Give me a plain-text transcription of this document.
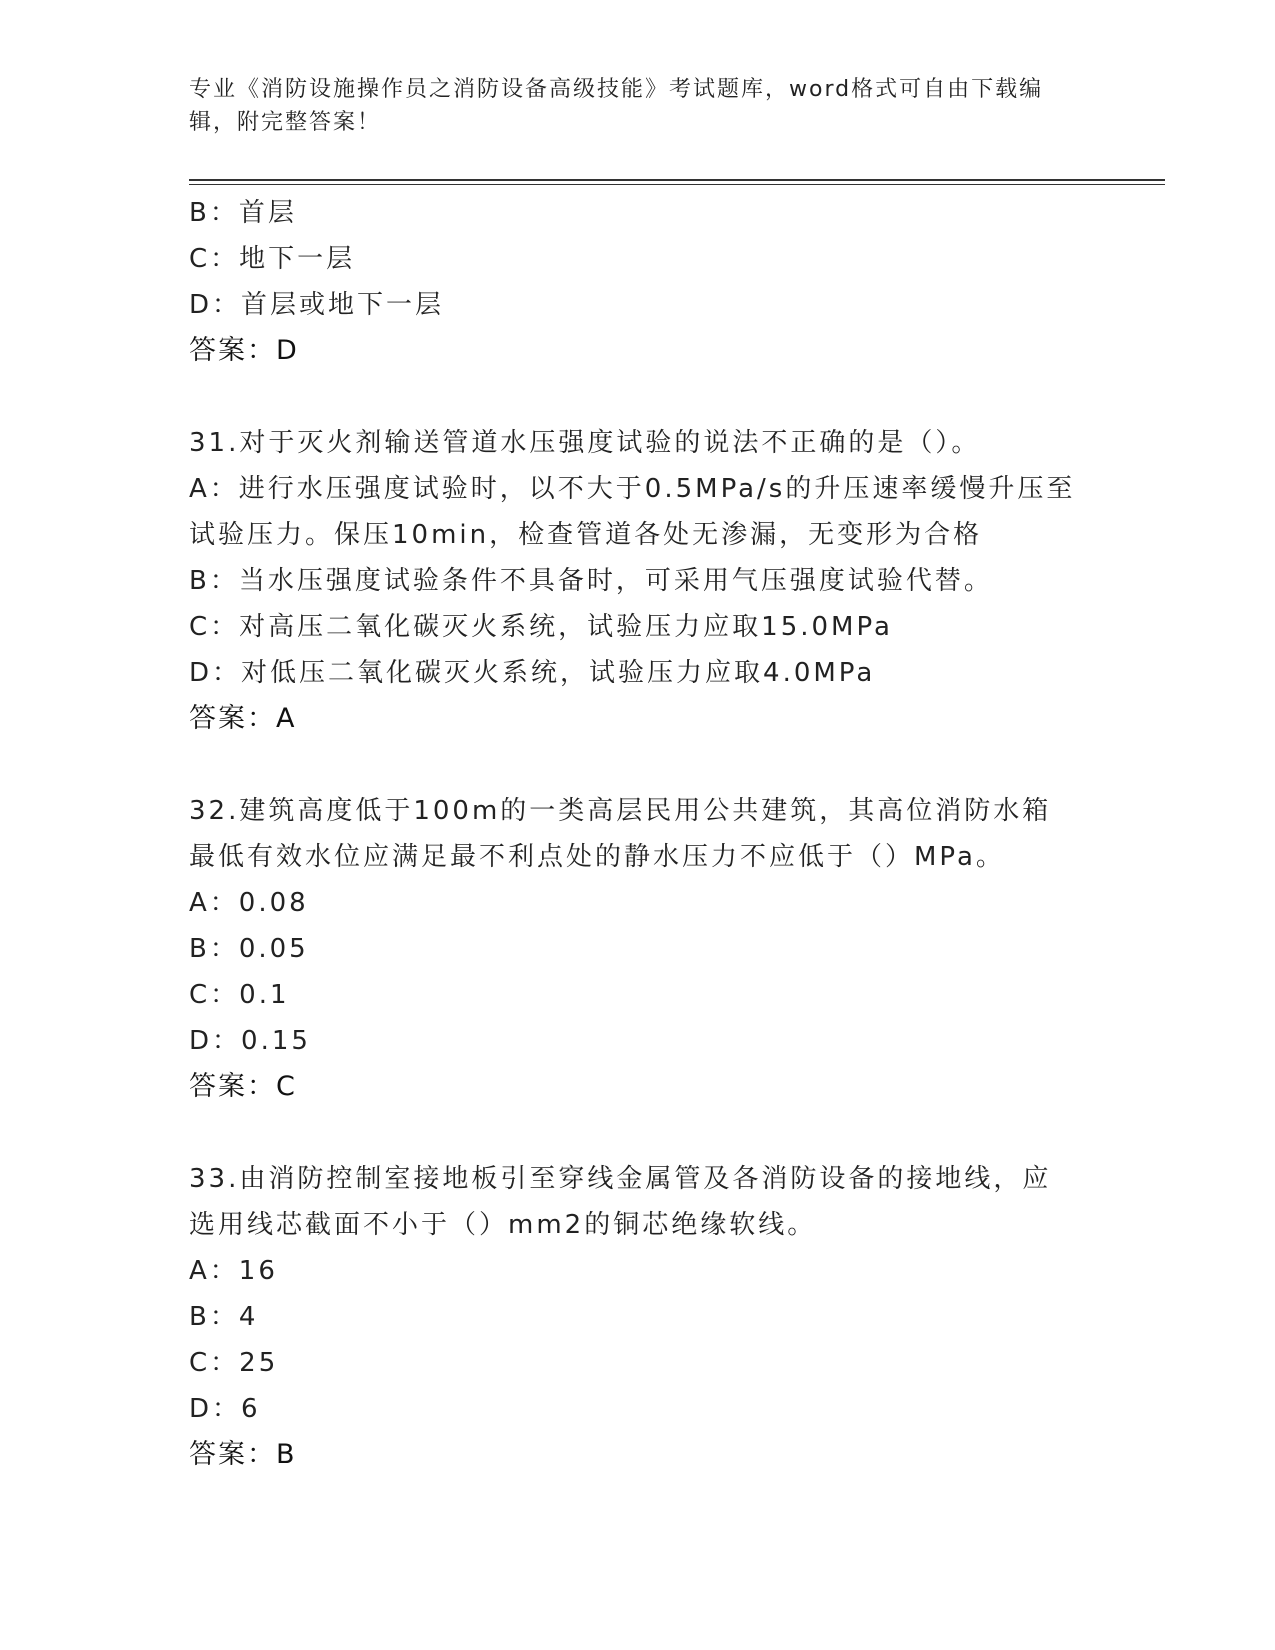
专业《消防设施操作员之消防设备高级技能》考试题库，word格式可自由下载编辑，附完整答案！
B：首层
C：地下一层
D：首层或地下一层
答案：D
31.对于灭火剂输送管道水压强度试验的说法不正确的是（）。
A：进行水压强度试验时，以不大于0.5MPa/s的升压速率缓慢升压至试验压力。保压10min，检查管道各处无渗漏，无变形为合格
B：当水压强度试验条件不具备时，可采用气压强度试验代替。
C：对高压二氧化碳灭火系统，试验压力应取15.0MPa
D：对低压二氧化碳灭火系统，试验压力应取4.0MPa
答案：A
32.建筑高度低于100m的一类高层民用公共建筑，其高位消防水箱最低有效水位应满足最不利点处的静水压力不应低于（）MPa。
A：0.08
B：0.05
C：0.1
D：0.15
答案：C
33.由消防控制室接地板引至穿线金属管及各消防设备的接地线，应选用线芯截面不小于（）mm2的铜芯绝缘软线。
A：16
B：4
C：25
D：6
答案：B
